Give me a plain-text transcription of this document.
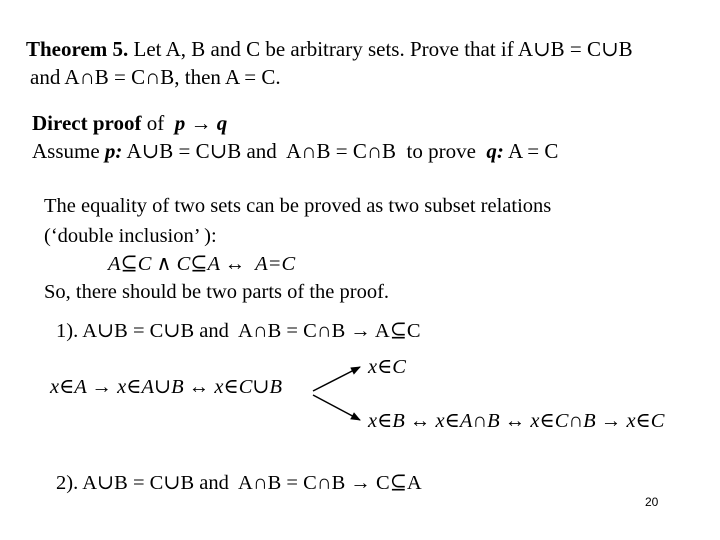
Theorem 5. Let A, B and C be arbitrary sets. Prove that if A∪B = C∪B
and A∩B = C∩B, then A = C.
Direct proof of  p → q
Assume p: A∪B = C∪B and  A∩B = C∩B  to prove  q: A = C
The equality of two sets can be proved as two subset relations
(‘double inclusion’ ):
A⊆C ∧ C⊆A ↔  A=C
So, there should be two parts of the proof.
1). A∪B = C∪B and  A∩B = C∩B → A⊆C
x∈C
x∈A → x∈A∪B ↔ x∈C∪B
x∈B ↔ x∈A∩B ↔ x∈C∩B → x∈C
2). A∪B = C∪B and  A∩B = C∩B → C⊆A
20
